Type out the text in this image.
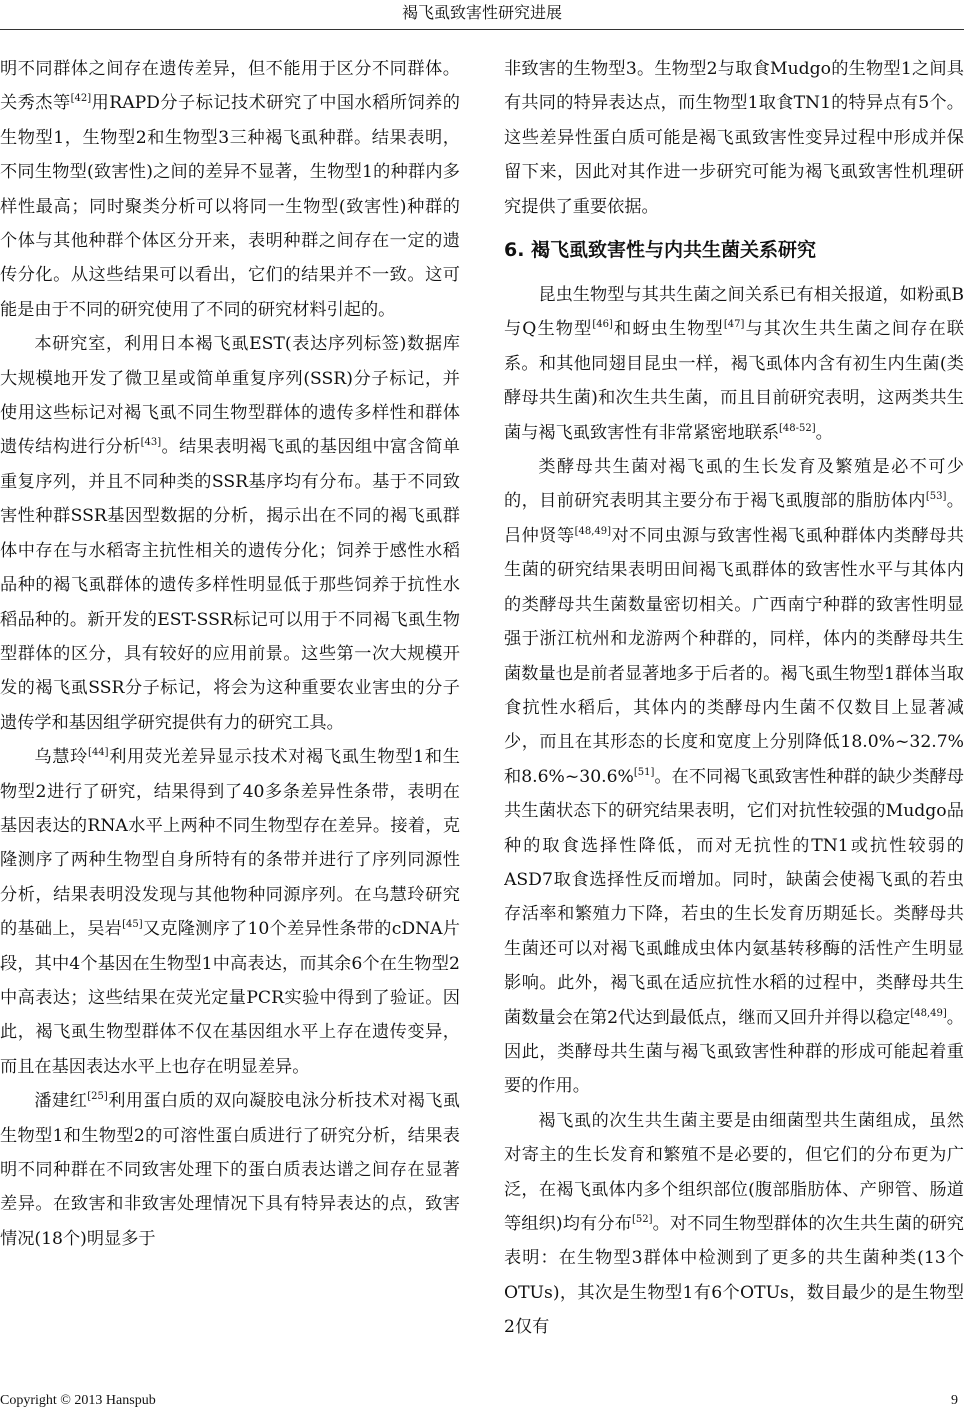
褐飞虱致害性研究进展

明不同群体之间存在遗传差异，但不能用于区分不同群体。关秀杰等[42]用RAPD分子标记技术研究了中国水稻所饲养的生物型1，生物型2和生物型3三种褐飞虱种群。结果表明，不同生物型(致害性)之间的差异不显著，生物型1的种群内多样性最高；同时聚类分析可以将同一生物型(致害性)种群的个体与其他种群个体区分开来，表明种群之间存在一定的遗传分化。从这些结果可以看出，它们的结果并不一致。这可能是由于不同的研究使用了不同的研究材料引起的。

本研究室，利用日本褐飞虱EST(表达序列标签)数据库大规模地开发了微卫星或简单重复序列(SSR)分子标记，并使用这些标记对褐飞虱不同生物型群体的遗传多样性和群体遗传结构进行分析[43]。结果表明褐飞虱的基因组中富含简单重复序列，并且不同种类的SSR基序均有分布。基于不同致害性种群SSR基因型数据的分析，揭示出在不同的褐飞虱群体中存在与水稻寄主抗性相关的遗传分化；饲养于感性水稻品种的褐飞虱群体的遗传多样性明显低于那些饲养于抗性水稻品种的。新开发的EST-SSR标记可以用于不同褐飞虱生物型群体的区分，具有较好的应用前景。这些第一次大规模开发的褐飞虱SSR分子标记，将会为这种重要农业害虫的分子遗传学和基因组学研究提供有力的研究工具。

乌慧玲[44]利用荧光差异显示技术对褐飞虱生物型1和生物型2进行了研究，结果得到了40多条差异性条带，表明在基因表达的RNA水平上两种不同生物型存在差异。接着，克隆测序了两种生物型自身所特有的条带并进行了序列同源性分析，结果表明没发现与其他物种同源序列。在乌慧玲研究的基础上，吴岩[45]又克隆测序了10个差异性条带的cDNA片段，其中4个基因在生物型1中高表达，而其余6个在生物型2中高表达；这些结果在荧光定量PCR实验中得到了验证。因此，褐飞虱生物型群体不仅在基因组水平上存在遗传变异，而且在基因表达水平上也存在明显差异。

潘建红[25]利用蛋白质的双向凝胶电泳分析技术对褐飞虱生物型1和生物型2的可溶性蛋白质进行了研究分析，结果表明不同种群在不同致害处理下的蛋白质表达谱之间存在显著差异。在致害和非致害处理情况下具有特异表达的点，致害情况(18个)明显多于

非致害的生物型3。生物型2与取食Mudgo的生物型1之间具有共同的特异表达点，而生物型1取食TN1的特异点有5个。这些差异性蛋白质可能是褐飞虱致害性变异过程中形成并保留下来，因此对其作进一步研究可能为褐飞虱致害性机理研究提供了重要依据。

6. 褐飞虱致害性与内共生菌关系研究

昆虫生物型与其共生菌之间关系已有相关报道，如粉虱B与Q生物型[46]和蚜虫生物型[47]与其次生共生菌之间存在联系。和其他同翅目昆虫一样，褐飞虱体内含有初生内生菌(类酵母共生菌)和次生共生菌，而且目前研究表明，这两类共生菌与褐飞虱致害性有非常紧密地联系[48-52]。

类酵母共生菌对褐飞虱的生长发育及繁殖是必不可少的，目前研究表明其主要分布于褐飞虱腹部的脂肪体内[53]。吕仲贤等[48,49]对不同虫源与致害性褐飞虱种群体内类酵母共生菌的研究结果表明田间褐飞虱群体的致害性水平与其体内的类酵母共生菌数量密切相关。广西南宁种群的致害性明显强于浙江杭州和龙游两个种群的，同样，体内的类酵母共生菌数量也是前者显著地多于后者的。褐飞虱生物型1群体当取食抗性水稻后，其体内的类酵母内生菌不仅数目上显著减少，而且在其形态的长度和宽度上分别降低18.0%~32.7%和8.6%~30.6%[51]。在不同褐飞虱致害性种群的缺少类酵母共生菌状态下的研究结果表明，它们对抗性较强的Mudgo品种的取食选择性降低，而对无抗性的TN1或抗性较弱的ASD7取食选择性反而增加。同时，缺菌会使褐飞虱的若虫存活率和繁殖力下降，若虫的生长发育历期延长。类酵母共生菌还可以对褐飞虱雌成虫体内氨基转移酶的活性产生明显影响。此外，褐飞虱在适应抗性水稻的过程中，类酵母共生菌数量会在第2代达到最低点，继而又回升并得以稳定[48,49]。因此，类酵母共生菌与褐飞虱致害性种群的形成可能起着重要的作用。

褐飞虱的次生共生菌主要是由细菌型共生菌组成，虽然对寄主的生长发育和繁殖不是必要的，但它们的分布更为广泛，在褐飞虱体内多个组织部位(腹部脂肪体、产卵管、肠道等组织)均有分布[52]。对不同生物型群体的次生共生菌的研究表明：在生物型3群体中检测到了更多的共生菌种类(13个OTUs)，其次是生物型1有6个OTUs，数目最少的是生物型2仅有

Copyright © 2013 Hanspub	9
